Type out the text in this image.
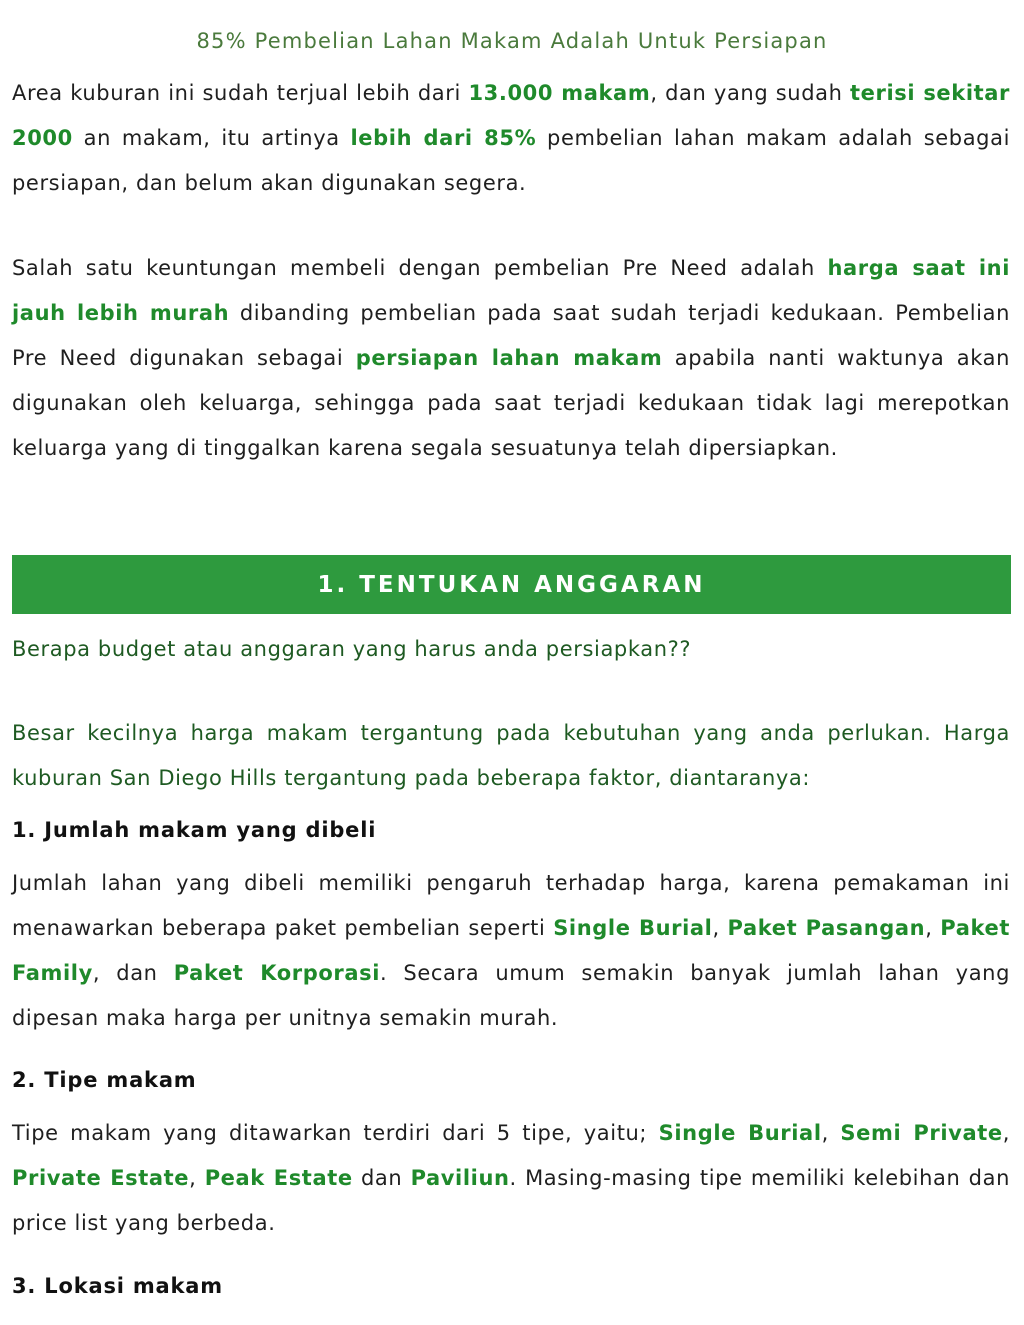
85% Pembelian Lahan Makam Adalah Untuk Persiapan

Area kuburan ini sudah terjual lebih dari 13.000 makam, dan yang sudah terisi sekitar 2000 an makam, itu artinya lebih dari 85% pembelian lahan makam adalah sebagai persiapan, dan belum akan digunakan segera.

Salah satu keuntungan membeli dengan pembelian Pre Need adalah harga saat ini jauh lebih murah dibanding pembelian pada saat sudah terjadi kedukaan. Pembelian Pre Need digunakan sebagai persiapan lahan makam apabila nanti waktunya akan digunakan oleh keluarga, sehingga pada saat terjadi kedukaan tidak lagi merepotkan keluarga yang di tinggalkan karena segala sesuatunya telah dipersiapkan.

1. TENTUKAN ANGGARAN

Berapa budget atau anggaran yang harus anda persiapkan??

Besar kecilnya harga makam tergantung pada kebutuhan yang anda perlukan. Harga kuburan San Diego Hills tergantung pada beberapa faktor, diantaranya:

1. Jumlah makam yang dibeli

Jumlah lahan yang dibeli memiliki pengaruh terhadap harga, karena pemakaman ini menawarkan beberapa paket pembelian seperti Single Burial, Paket Pasangan, Paket Family, dan Paket Korporasi. Secara umum semakin banyak jumlah lahan yang dipesan maka harga per unitnya semakin murah.

2. Tipe makam

Tipe makam yang ditawarkan terdiri dari 5 tipe, yaitu; Single Burial, Semi Private, Private Estate, Peak Estate dan Paviliun. Masing-masing tipe memiliki kelebihan dan price list yang berbeda.

3. Lokasi makam
